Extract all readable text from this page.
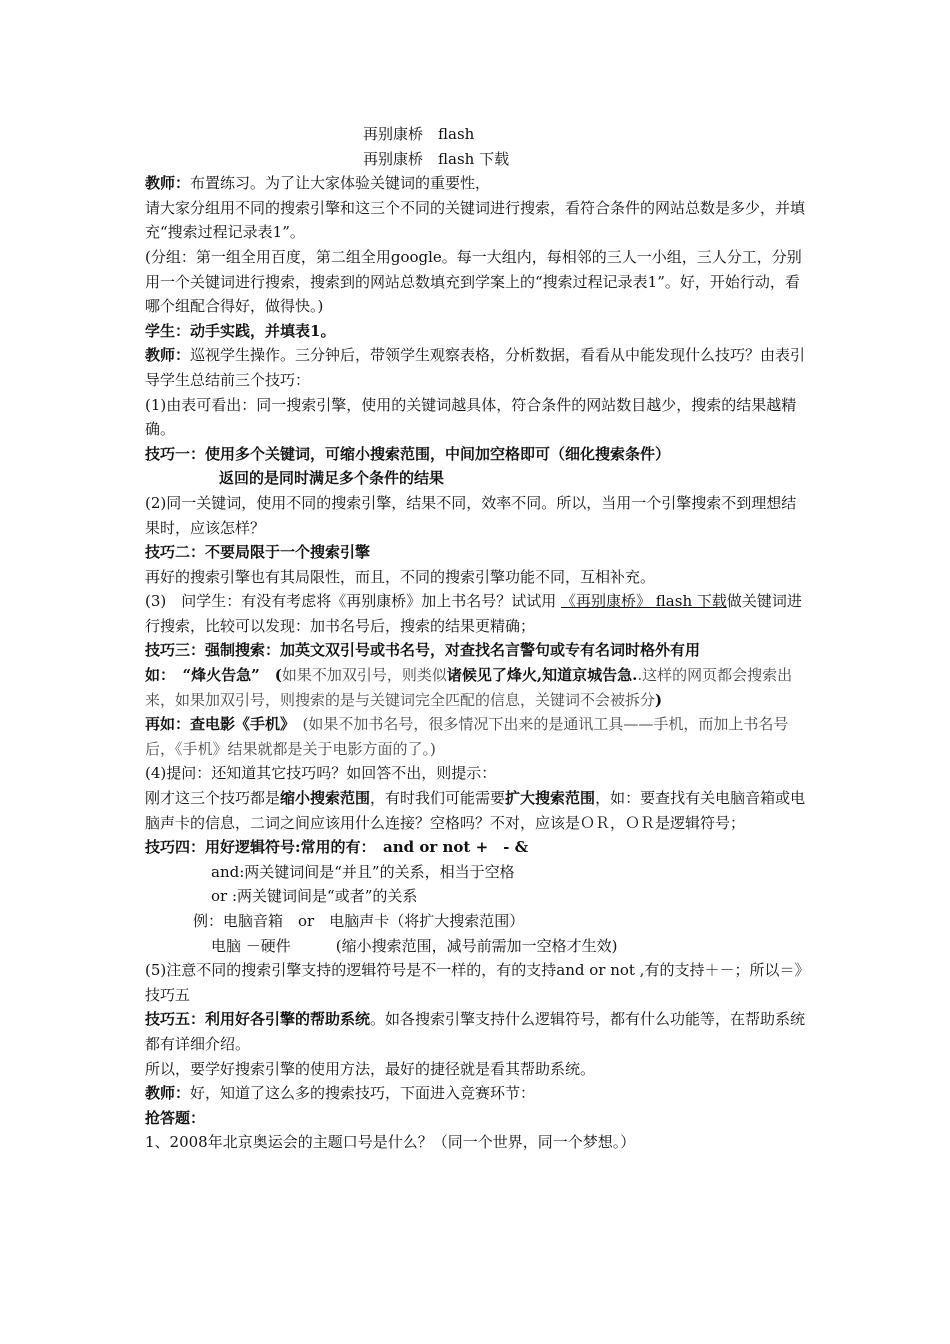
再别康桥　flash
再别康桥　flash 下载
教师：布置练习。为了让大家体验关键词的重要性，
请大家分组用不同的搜索引擎和这三个不同的关键词进行搜索，看符合条件的网站总数是多少，并填充“搜索过程记录表1”。
(分组：第一组全用百度，第二组全用google。每一大组内，每相邻的三人一小组，三人分工，分别用一个关键词进行搜索，搜索到的网站总数填充到学案上的“搜索过程记录表1”。好，开始行动，看哪个组配合得好，做得快。)
学生：动手实践，并填表1。
教师：巡视学生操作。三分钟后，带领学生观察表格，分析数据，看看从中能发现什么技巧？由表引导学生总结前三个技巧：
(1)由表可看出：同一搜索引擎，使用的关键词越具体，符合条件的网站数目越少，搜索的结果越精确。
技巧一：使用多个关键词，可缩小搜索范围，中间加空格即可（细化搜索条件）
返回的是同时满足多个条件的结果
(2)同一关键词，使用不同的搜索引擎，结果不同，效率不同。所以，当用一个引擎搜索不到理想结果时，应该怎样？
技巧二：不要局限于一个搜索引擎
再好的搜索引擎也有其局限性，而且，不同的搜索引擎功能不同，互相补充。
(3)　问学生：有没有考虑将《再别康桥》加上书名号？试试用 《再别康桥》 flash 下载做关键词进行搜索，比较可以发现：加书名号后，搜索的结果更精确；
技巧三：强制搜索：加英文双引号或书名号，对查找名言警句或专有名词时格外有用
如：　“烽火告急”　(如果不加双引号，则类似诸候见了烽火,知道京城告急..这样的网页都会搜索出来，如果加双引号，则搜索的是与关键词完全匹配的信息，关键词不会被拆分)
再如：查电影《手机》　(如果不加书名号，很多情况下出来的是通讯工具——手机，而加上书名号后，《手机》结果就都是关于电影方面的了。)
(4)提问：还知道其它技巧吗？如回答不出，则提示：
刚才这三个技巧都是缩小搜索范围，有时我们可能需要扩大搜索范围，如：要查找有关电脑音箱或电脑声卡的信息，二词之间应该用什么连接？空格吗？不对，应该是ＯＲ，ＯＲ是逻辑符号；
技巧四：用好逻辑符号:常用的有：　and or not +　- &
and:两关键词间是“并且”的关系，相当于空格
or :两关键词间是“或者”的关系
例：电脑音箱　or　电脑声卡（将扩大搜索范围）
电脑 －硬件　　　(缩小搜索范围，减号前需加一空格才生效)
(5)注意不同的搜索引擎支持的逻辑符号是不一样的，有的支持and or not ,有的支持＋－；所以＝》技巧五
技巧五：利用好各引擎的帮助系统。如各搜索引擎支持什么逻辑符号，都有什么功能等，在帮助系统都有详细介绍。
所以，要学好搜索引擎的使用方法，最好的捷径就是看其帮助系统。
教师：好，知道了这么多的搜索技巧，下面进入竞赛环节：
抢答题：
1、2008年北京奥运会的主题口号是什么？（同一个世界，同一个梦想。）
